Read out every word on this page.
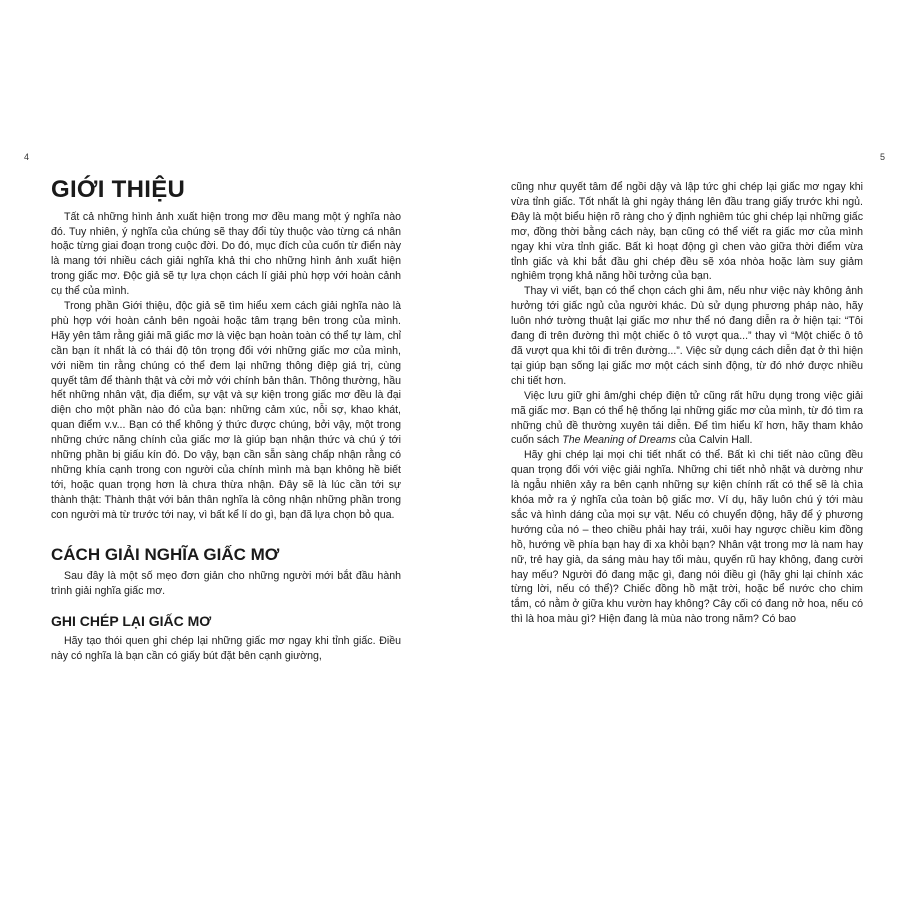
4
GIỚI THIỆU

Tất cả những hình ảnh xuất hiện trong mơ đều mang một ý nghĩa nào đó. Tuy nhiên, ý nghĩa của chúng sẽ thay đổi tùy thuộc vào từng cá nhân hoặc từng giai đoạn trong cuộc đời. Do đó, mục đích của cuốn từ điển này là mang tới nhiều cách giải nghĩa khả thi cho những hình ảnh xuất hiện trong giấc mơ. Độc giả sẽ tự lựa chọn cách lí giải phù hợp với hoàn cảnh cụ thể của mình.

Trong phần Giới thiệu, độc giả sẽ tìm hiểu xem cách giải nghĩa nào là phù hợp với hoàn cảnh bên ngoài hoặc tâm trạng bên trong của mình. Hãy yên tâm rằng giải mã giấc mơ là việc bạn hoàn toàn có thể tự làm, chỉ cần bạn ít nhất là có thái độ tôn trọng đối với những giấc mơ của mình, với niềm tin rằng chúng có thể đem lại những thông điệp giá trị, cùng quyết tâm để thành thật và cởi mở với chính bản thân. Thông thường, hầu hết những nhân vật, địa điểm, sự vật và sự kiện trong giấc mơ đều là đại diện cho một phần nào đó của bạn: những cảm xúc, nỗi sợ, khao khát, quan điểm v.v... Bạn có thể không ý thức được chúng, bởi vậy, một trong những chức năng chính của giấc mơ là giúp bạn nhận thức và chú ý tới những phần bị giấu kín đó. Do vậy, bạn cần sẵn sàng chấp nhận rằng có những khía cạnh trong con người của chính mình mà bạn không hề biết tới, hoặc quan trọng hơn là chưa thừa nhận. Đây sẽ là lúc cần tới sự thành thật: Thành thật với bản thân nghĩa là công nhận những phần trong con người mà từ trước tới nay, vì bất kể lí do gì, bạn đã lựa chọn bỏ qua.

CÁCH GIẢI NGHĨA GIẤC MƠ

Sau đây là một số mẹo đơn giản cho những người mới bắt đầu hành trình giải nghĩa giấc mơ.

GHI CHÉP LẠI GIẤC MƠ

Hãy tạo thói quen ghi chép lại những giấc mơ ngay khi tỉnh giấc. Điều này có nghĩa là bạn cần có giấy bút đặt bên cạnh giường,

5

cũng như quyết tâm để ngồi dậy và lập tức ghi chép lại giấc mơ ngay khi vừa tỉnh giấc. Tốt nhất là ghi ngày tháng lên đầu trang giấy trước khi ngủ. Đây là một biểu hiện rõ ràng cho ý định nghiêm túc ghi chép lại những giấc mơ, đồng thời bằng cách này, bạn cũng có thể viết ra giấc mơ của mình ngay khi vừa tỉnh giấc. Bất kì hoạt động gì chen vào giữa thời điểm vừa tỉnh giấc và khi bắt đầu ghi chép đều sẽ xóa nhòa hoặc làm suy giảm nghiêm trọng khả năng hồi tưởng của bạn.

Thay vì viết, bạn có thể chọn cách ghi âm, nếu như việc này không ảnh hưởng tới giấc ngủ của người khác. Dù sử dụng phương pháp nào, hãy luôn nhớ tường thuật lại giấc mơ như thể nó đang diễn ra ở hiện tại: “Tôi đang đi trên đường thì một chiếc ô tô vượt qua...” thay vì “Một chiếc ô tô đã vượt qua khi tôi đi trên đường...”. Việc sử dụng cách diễn đạt ở thì hiện tại giúp bạn sống lại giấc mơ một cách sinh động, từ đó nhớ được nhiều chi tiết hơn.

Việc lưu giữ ghi âm/ghi chép điện tử cũng rất hữu dụng trong việc giải mã giấc mơ. Bạn có thể hệ thống lại những giấc mơ của mình, từ đó tìm ra những chủ đề thường xuyên tái diễn. Để tìm hiểu kĩ hơn, hãy tham khảo cuốn sách The Meaning of Dreams của Calvin Hall.

Hãy ghi chép lại mọi chi tiết nhất có thể. Bất kì chi tiết nào cũng đều quan trọng đối với việc giải nghĩa. Những chi tiết nhỏ nhặt và dường như là ngẫu nhiên xảy ra bên cạnh những sự kiện chính rất có thể sẽ là chìa khóa mở ra ý nghĩa của toàn bộ giấc mơ. Ví dụ, hãy luôn chú ý tới màu sắc và hình dáng của mọi sự vật. Nếu có chuyển động, hãy để ý phương hướng của nó – theo chiều phải hay trái, xuôi hay ngược chiều kim đồng hồ, hướng về phía bạn hay đi xa khỏi bạn? Nhân vật trong mơ là nam hay nữ, trẻ hay già, da sáng màu hay tối màu, quyến rũ hay không, đang cười hay mếu? Người đó đang mặc gì, đang nói điều gì (hãy ghi lại chính xác từng lời, nếu có thể)? Chiếc đồng hồ mặt trời, hoặc bể nước cho chim tắm, có nằm ở giữa khu vườn hay không? Cây cối có đang nở hoa, nếu có thì là hoa màu gì? Hiện đang là mùa nào trong năm? Có bao
